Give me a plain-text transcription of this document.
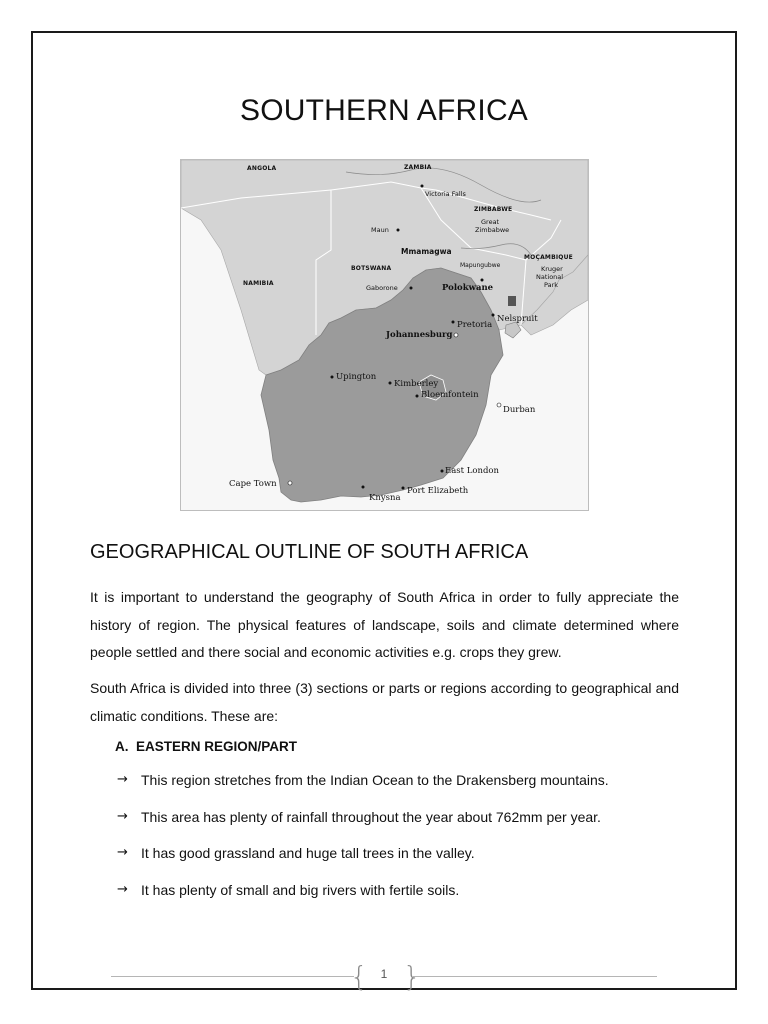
SOUTHERN AFRICA
ANGOLA	ZAMBIA
ZIMBABWE
BOTSWANA
NAMIBIA
MOÇAMBIQUE
Victoria Falls
Great
Zimbabwe
Maun
Mmamagwa
Mapungubwe	Kruger
National
Park
Gaborone	Polokwane
Nelspruit
Pretoria
Johannesburg
Upington
Kimberley
Bloemfontein
Durban
East London
Cape Town
Knysna
Port Elizabeth
GEOGRAPHICAL OUTLINE OF SOUTH AFRICA

It is important to understand the geography of South Africa in order to fully appreciate the history of region. The physical features of landscape, soils and climate determined where people settled and there social and economic activities e.g. crops they grew.

South Africa is divided into three (3) sections or parts or regions according to geographical and climatic conditions. These are:

A. EASTERN REGION/PART
→ This region stretches from the Indian Ocean to the Drakensberg mountains.
→ This area has plenty of rainfall throughout the year about 762mm per year.
→ It has good grassland and huge tall trees in the valley.
→ It has plenty of small and big rivers with fertile soils.
{ }
1
